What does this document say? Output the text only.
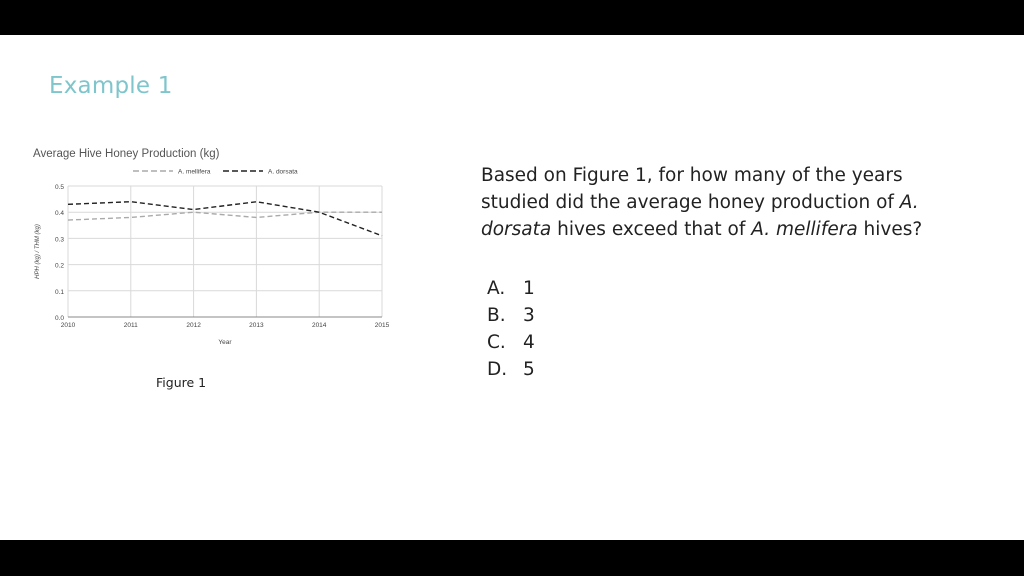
Example 1
Average Hive Honey Production (kg)
0.0
0.1
0.2
0.3
0.4
0.5
2010	2011	2012	2013	2014	2015
Year
HPH (kg) / THM (kg)
A. mellifera	A. dorsata
Figure 1
Based on Figure 1, for how many of the years studied did the average honey production of A. dorsata hives exceed that of A. mellifera hives?
A. 1
B. 3
C. 4
D. 5
